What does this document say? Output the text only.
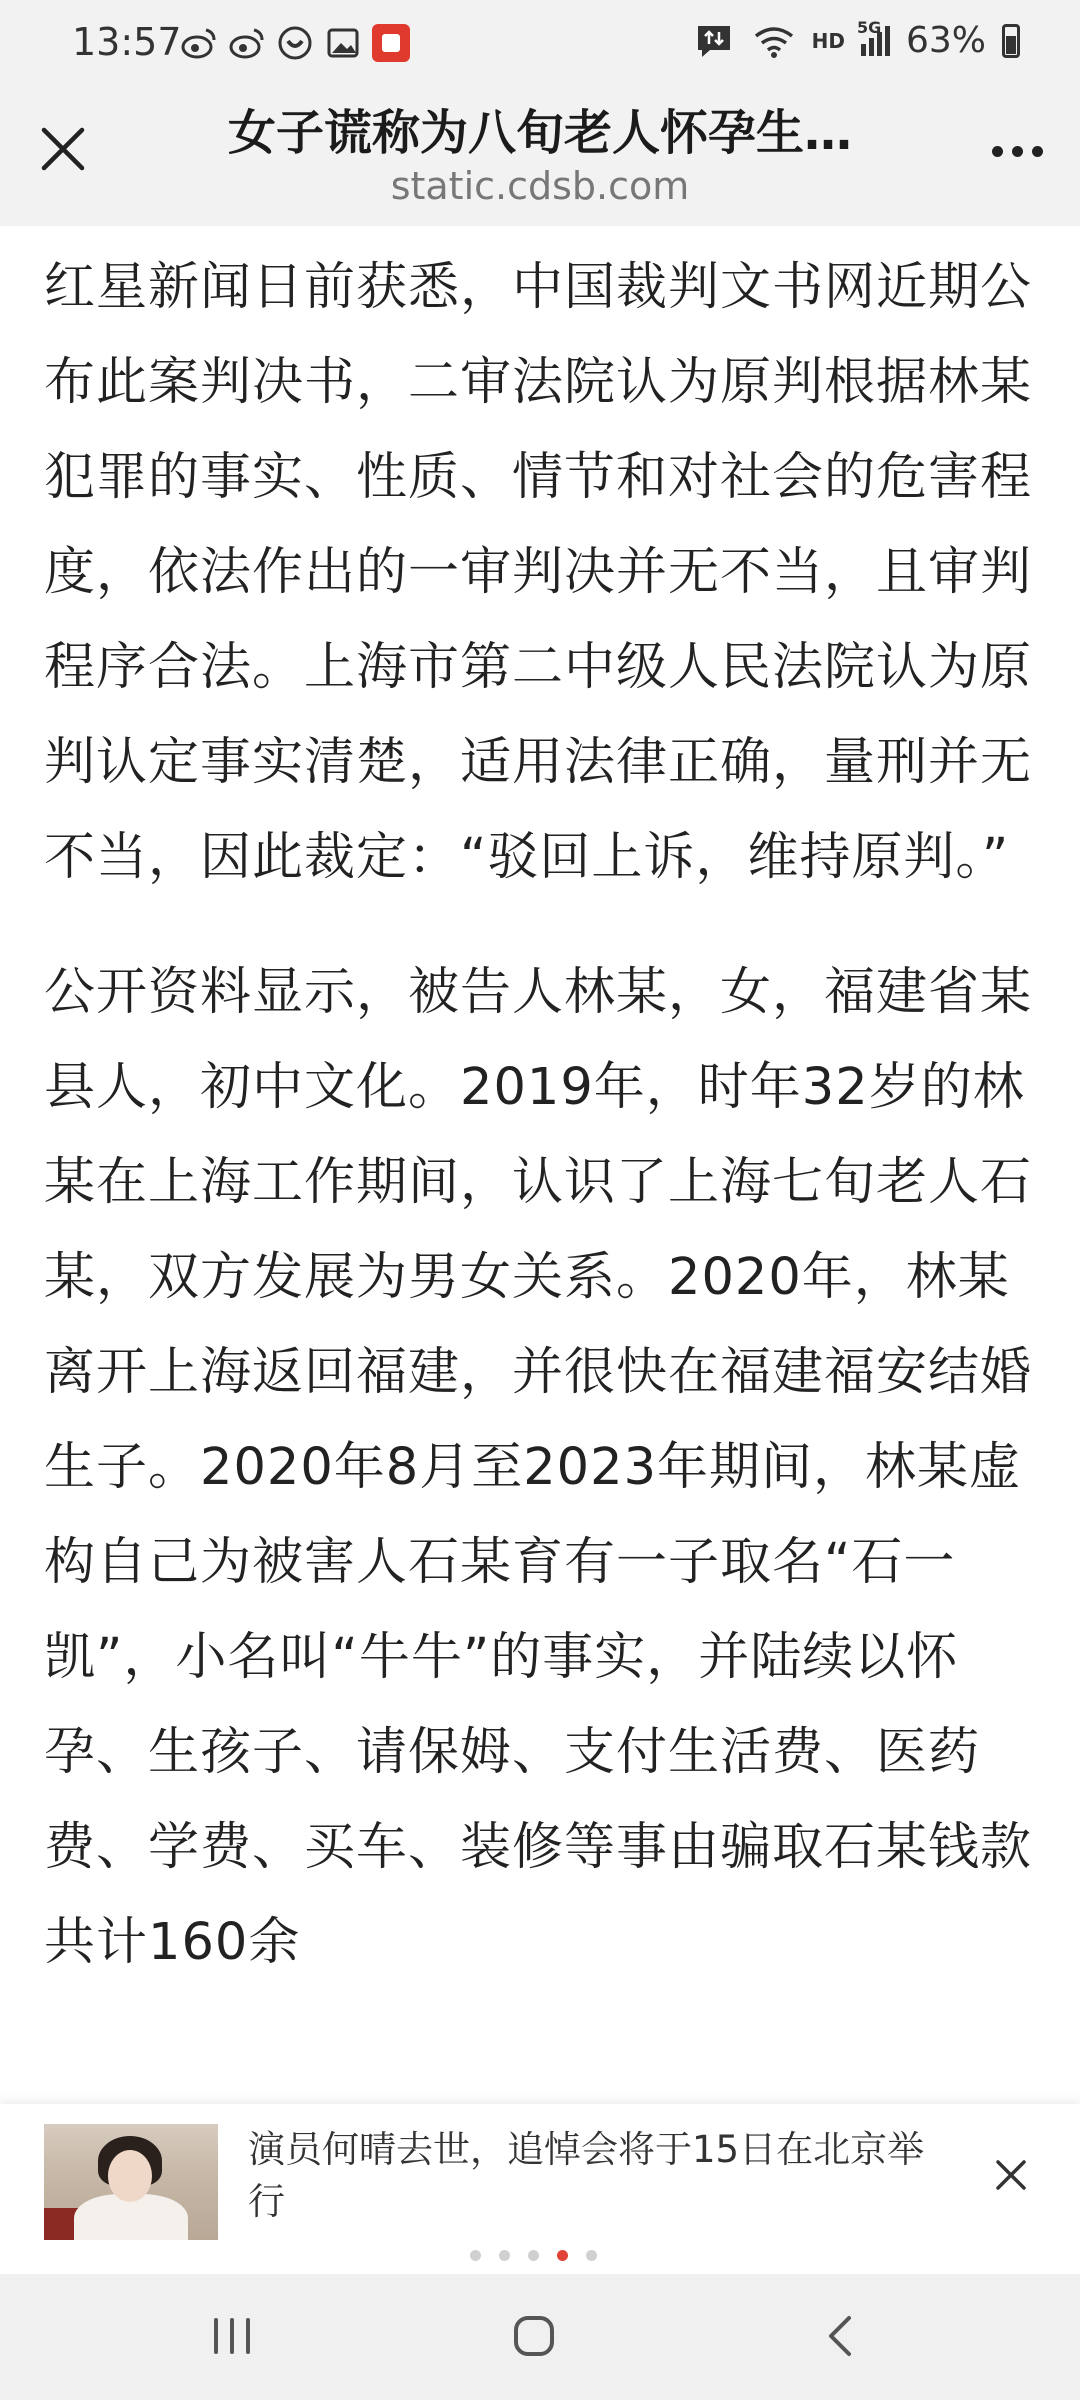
13:57	HD
5G 63%
女子谎称为八旬老人怀孕生…
static.cdsb.com

红星新闻日前获悉，中国裁判文书网近期公布此案判决书，二审法院认为原判根据林某犯罪的事实、性质、情节和对社会的危害程度，依法作出的一审判决并无不当，且审判程序合法。上海市第二中级人民法院认为原判认定事实清楚，适用法律正确，量刑并无不当，因此裁定：“驳回上诉，维持原判。”

公开资料显示，被告人林某，女，福建省某县人，初中文化。2019年，时年32岁的林某在上海工作期间，认识了上海七旬老人石某，双方发展为男女关系。2020年，林某离开上海返回福建，并很快在福建福安结婚生子。2020年8月至2023年期间，林某虚构自己为被害人石某育有一子取名“石一凯”，小名叫“牛牛”的事实，并陆续以怀孕、生孩子、请保姆、支付生活费、医药费、学费、买车、装修等事由骗取石某钱款共计160余

演员何晴去世，追悼会将于15日在北京举行
